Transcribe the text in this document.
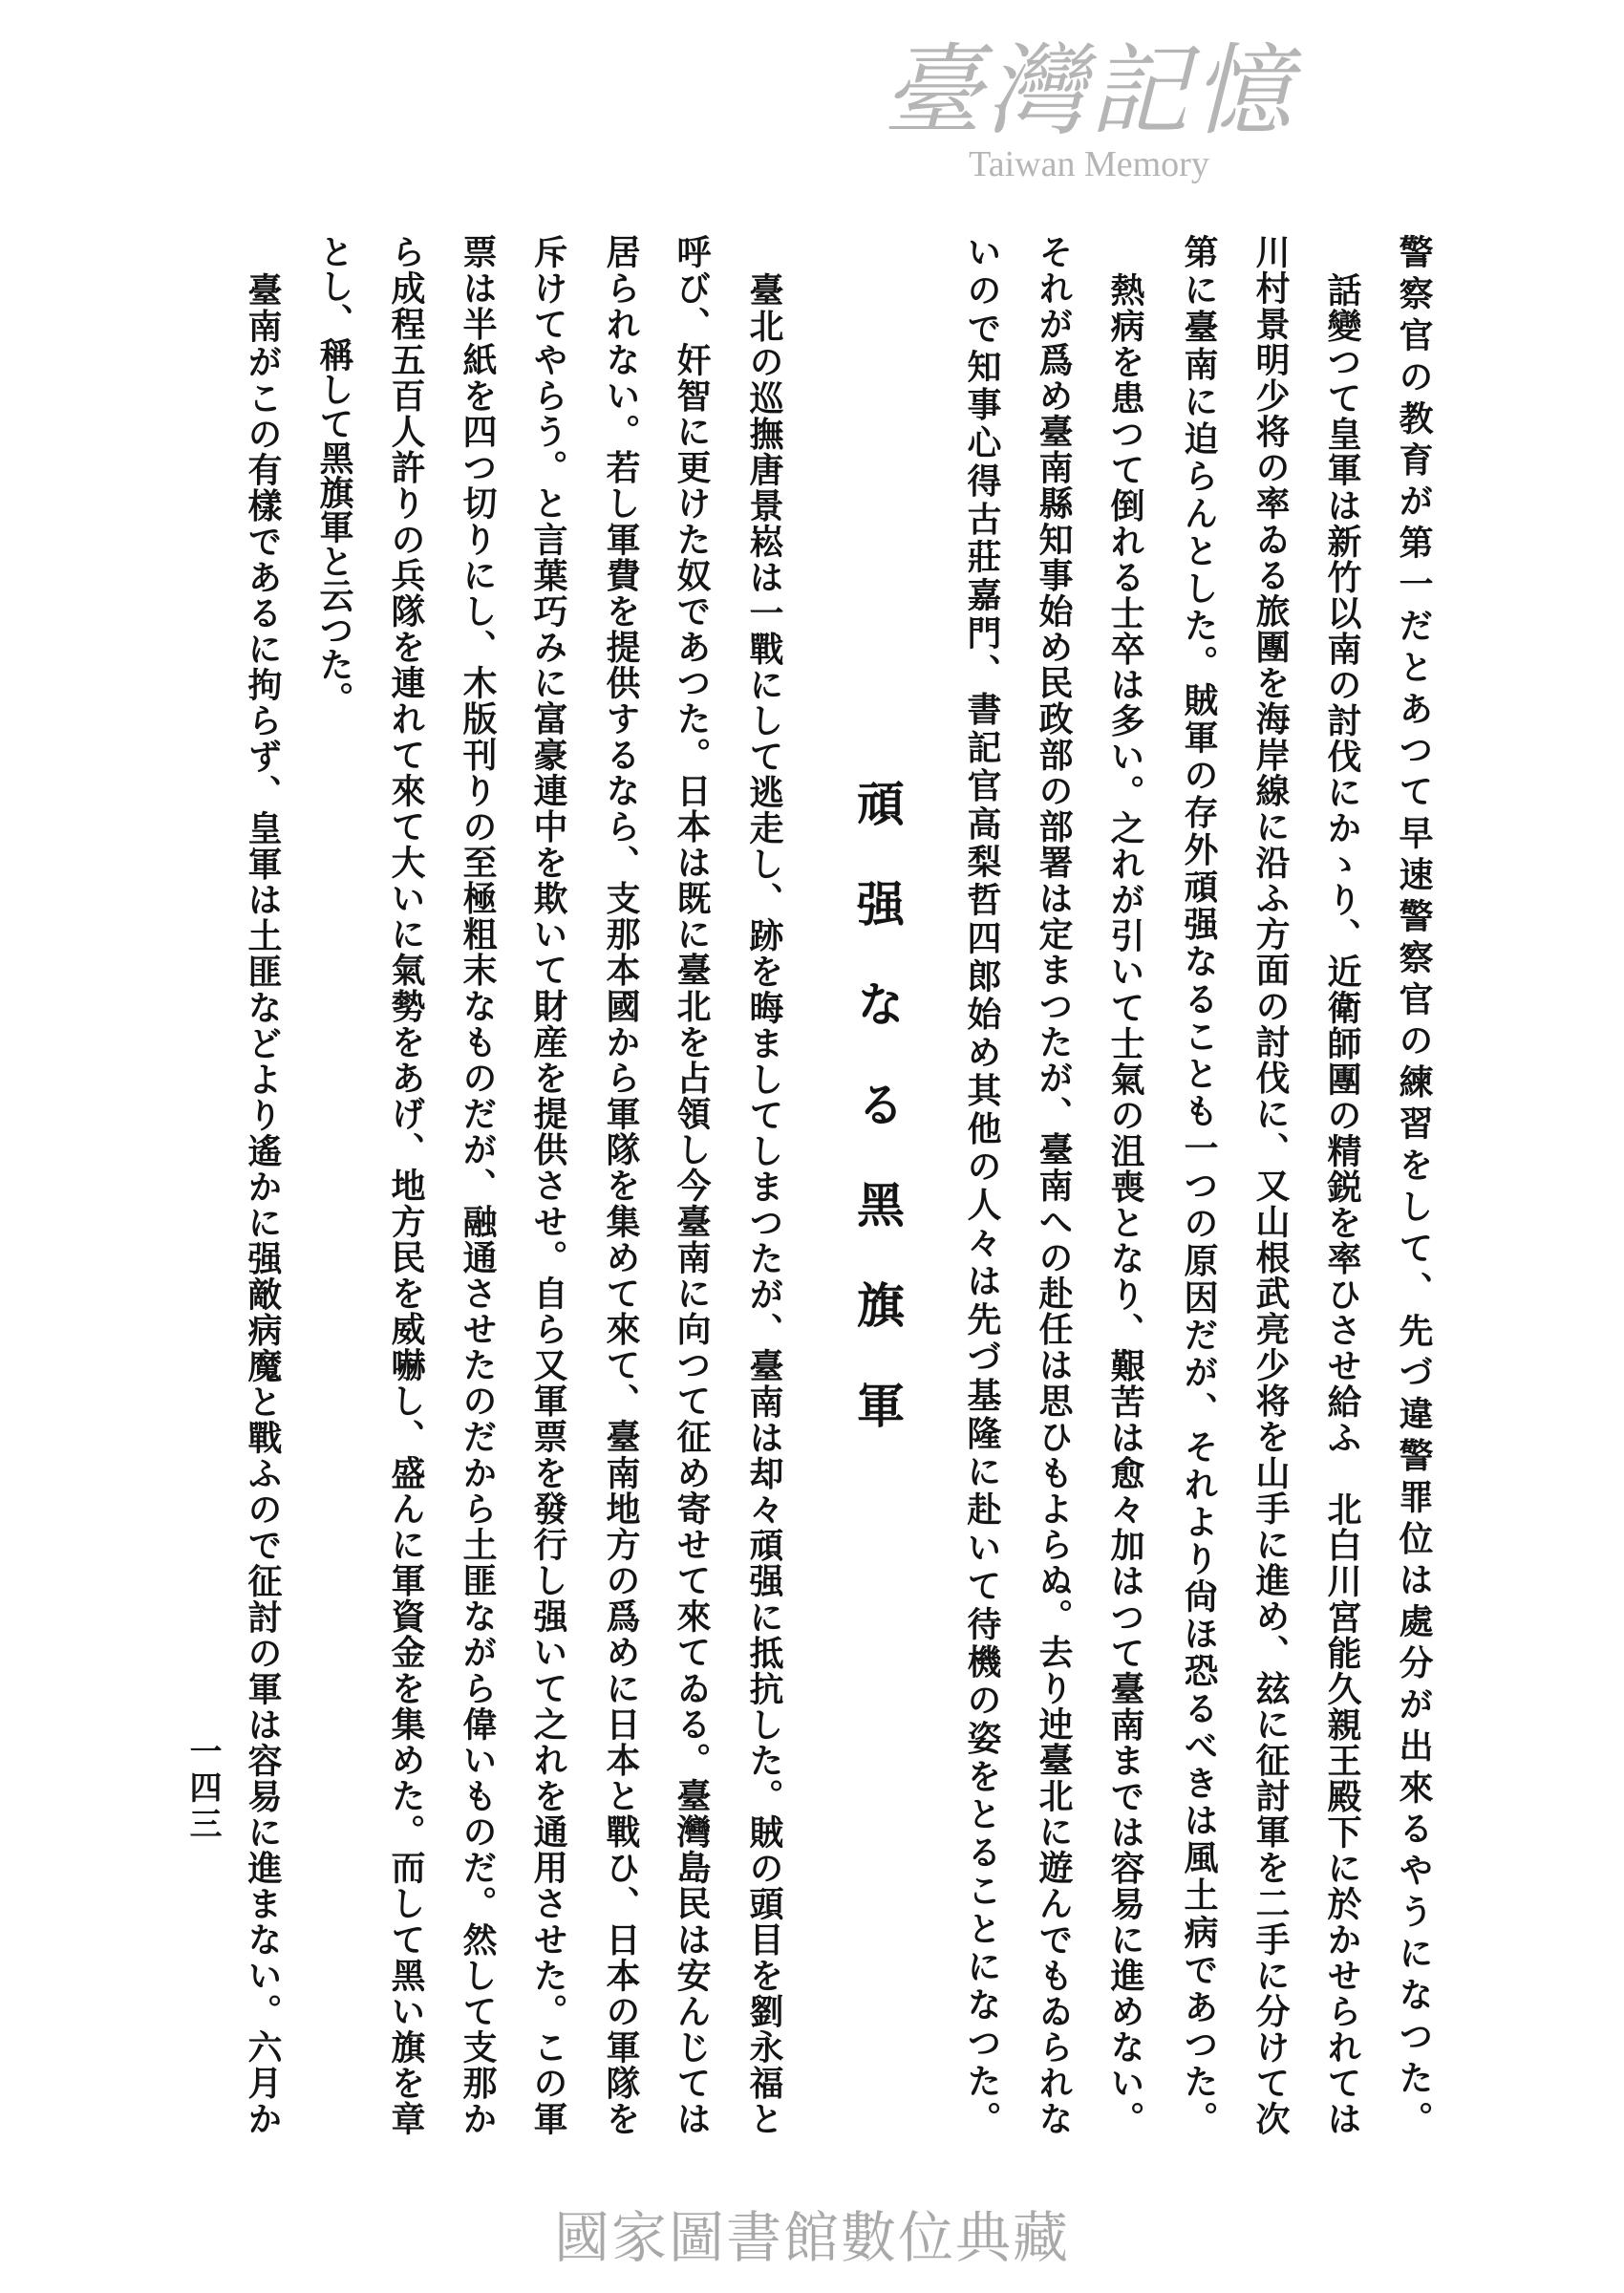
警察官の教育が第一だとあつて早速警察官の練習をして、先づ違警罪位は處分が出來るやうになつた。
話變つて皇軍は新竹以南の討伐にかゝり、近衛師團の精鋭を率ひさせ給ふ　北白川宮能久親王殿下に於かせられては
川村景明少将の率ゐる旅團を海岸線に沿ふ方面の討伐に、又山根武亮少将を山手に進め、玆に征討軍を二手に分けて次
第に臺南に迫らんとした。賊軍の存外頑强なることも一つの原因だが、それより尙ほ恐るべきは風土病であつた。
熱病を患つて倒れる士卒は多い。之れが引いて士氣の沮喪となり、艱苦は愈々加はつて臺南までは容易に進めない。
それが爲め臺南縣知事始め民政部の部署は定まつたが、臺南への赴任は思ひもよらぬ。去り迚臺北に遊んでもゐられな
いので知事心得古莊嘉門、書記官高梨哲四郎始め其他の人々は先づ基隆に赴いて待機の姿をとることになつた。
頑强なる黑旗軍
臺北の巡撫唐景崧は一戰にして逃走し、跡を晦ましてしまつたが、臺南は却々頑强に抵抗した。賊の頭目を劉永福と
呼び、奸智に更けた奴であつた。日本は既に臺北を占領し今臺南に向つて征め寄せて來てゐる。臺灣島民は安んじては
居られない。若し軍費を提供するなら、支那本國から軍隊を集めて來て、臺南地方の爲めに日本と戰ひ、日本の軍隊を
斥けてやらう。と言葉巧みに富豪連中を欺いて財産を提供させ。自ら又軍票を發行し强いて之れを通用させた。この軍
票は半紙を四つ切りにし、木版刊りの至極粗末なものだが、融通させたのだから土匪ながら偉いものだ。然して支那か
ら成程五百人許りの兵隊を連れて來て大いに氣勢をあげ、地方民を威嚇し、盛んに軍資金を集めた。而して黑い旗を章
とし、稱して黑旗軍と云つた。
臺南がこの有樣であるに拘らず、皇軍は土匪などより遙かに强敵病魔と戰ふので征討の軍は容易に進まない。六月か
一四三
臺灣記憶
Taiwan Memory
國家圖書館數位典藏
